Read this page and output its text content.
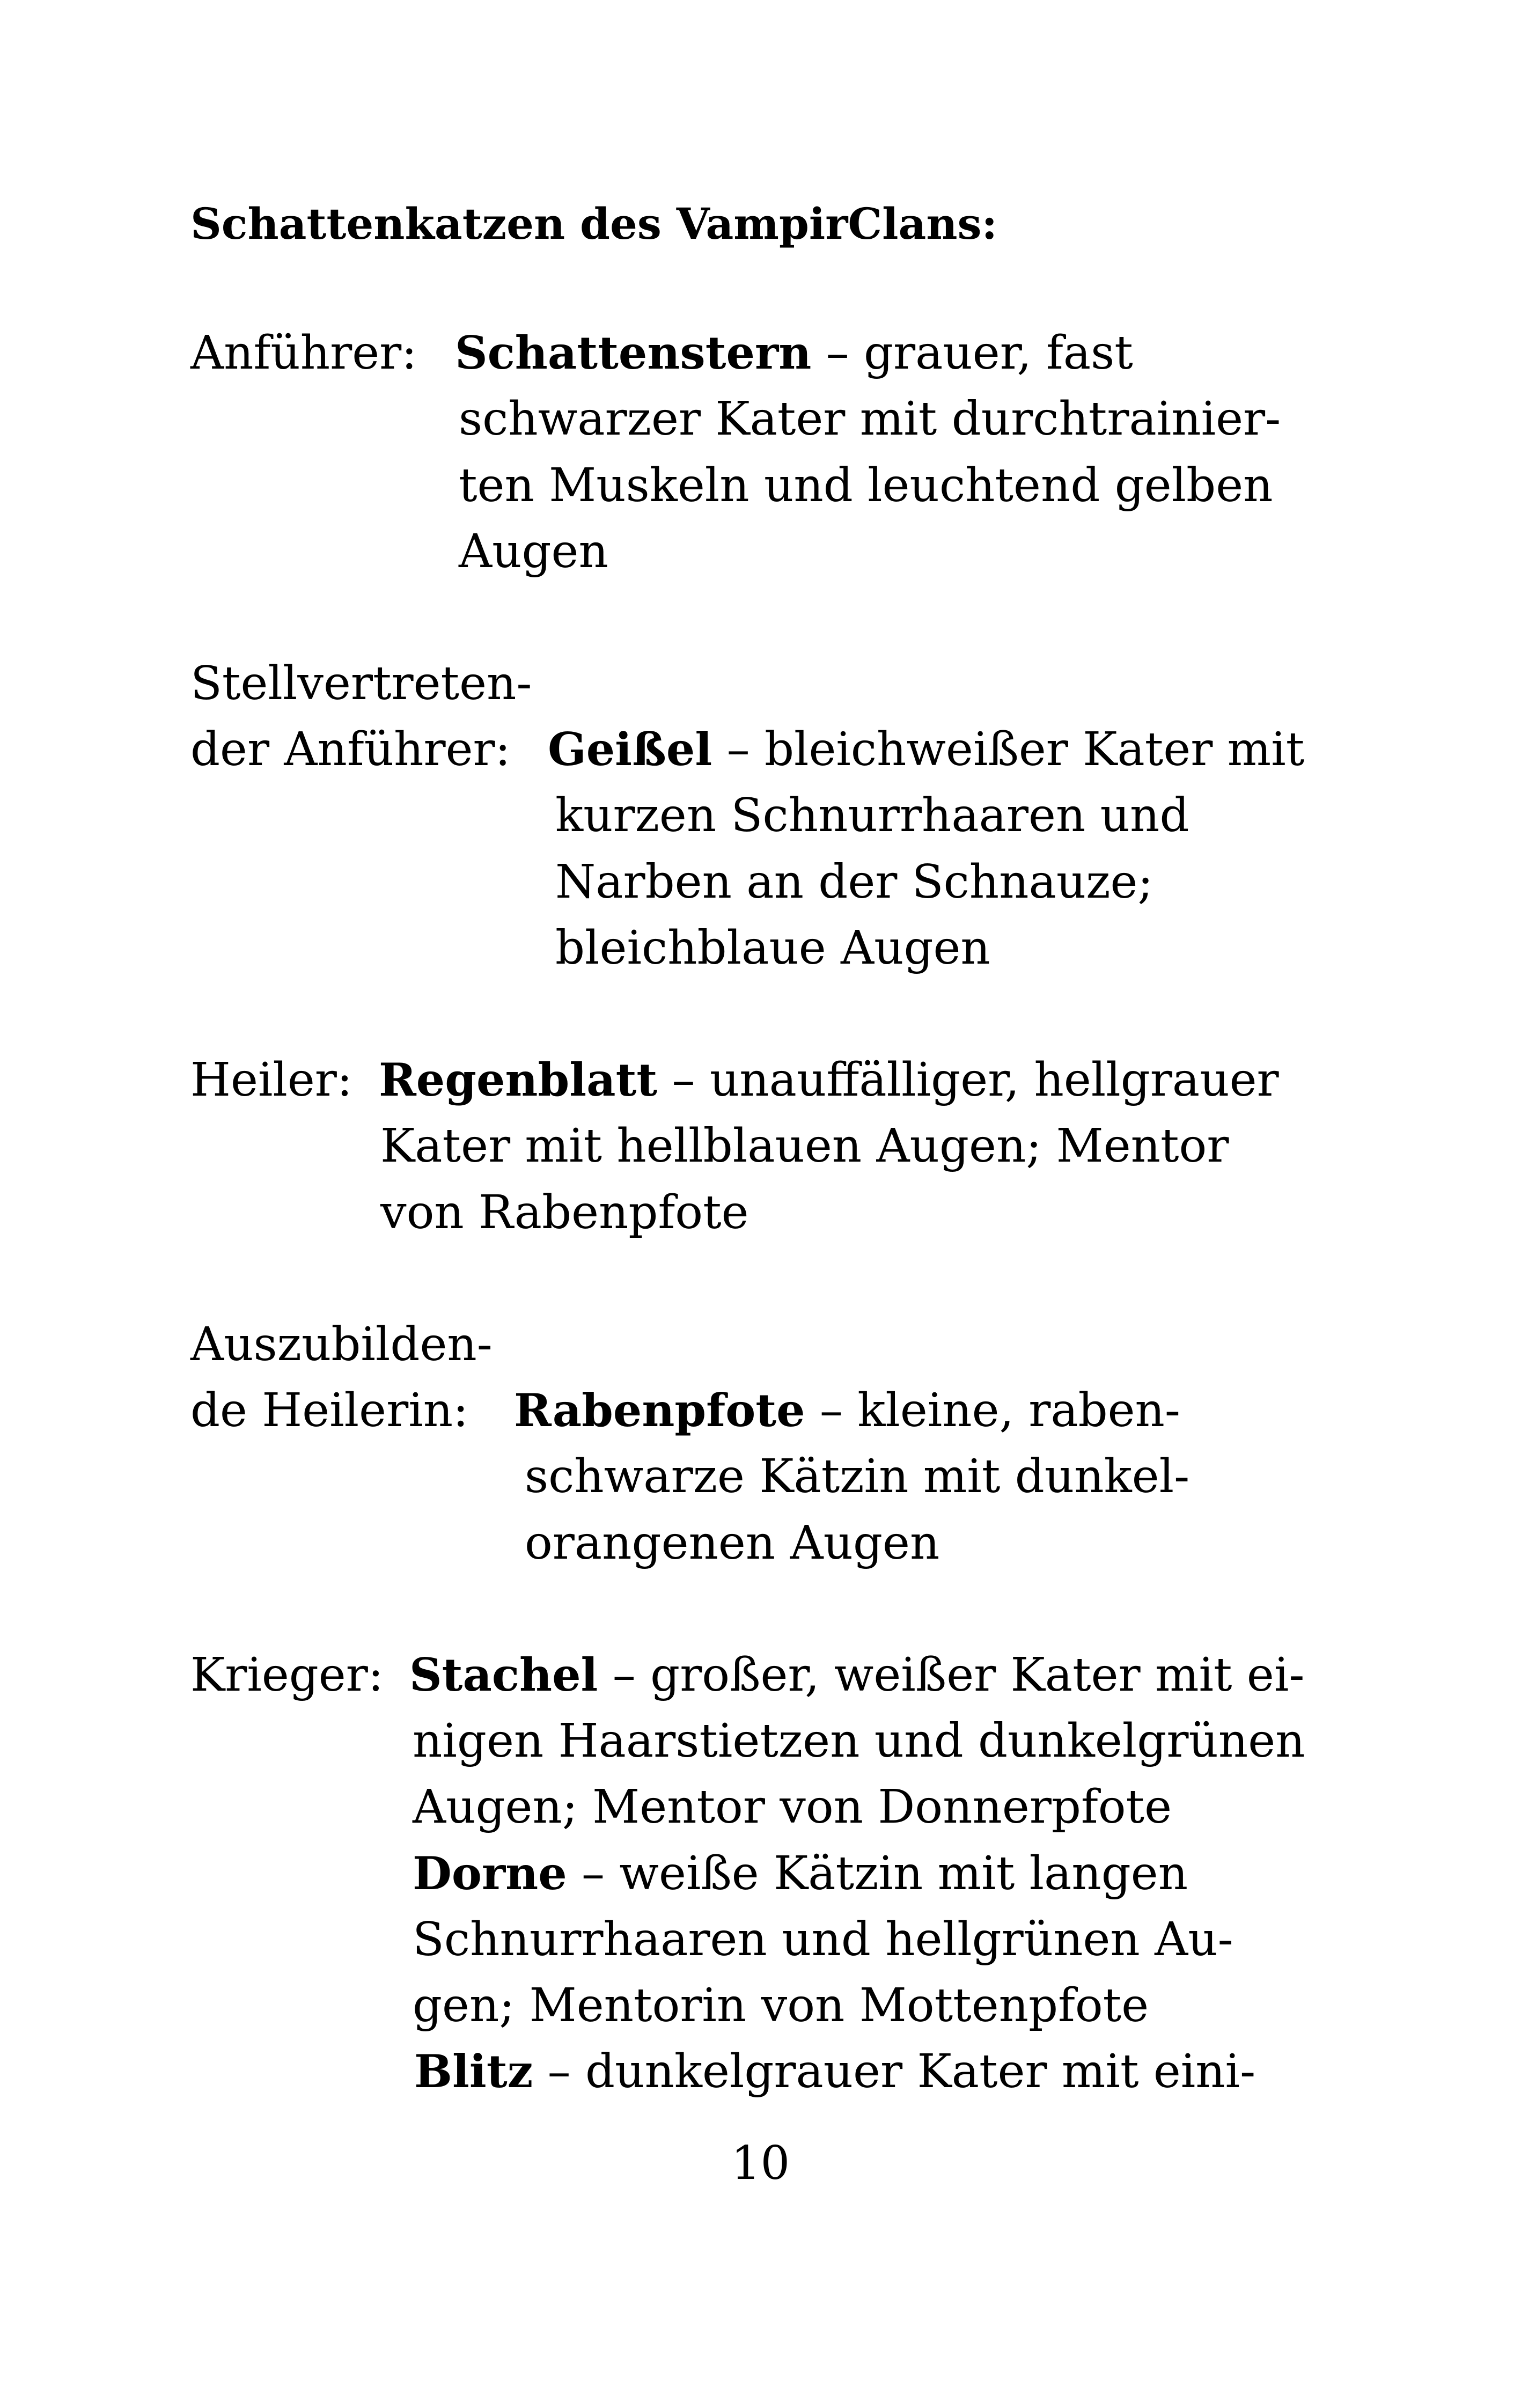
Schattenkatzen des VampirClans:
Anführer: Schattenstern – grauer, fast
schwarzer Kater mit durchtrainier-
ten Muskeln und leuchtend gelben
Augen
Stellvertreten-
der Anführer: Geißel – bleichweißer Kater mit
kurzen Schnurrhaaren und
Narben an der Schnauze;
bleichblaue Augen
Heiler: Regenblatt – unauffälliger, hellgrauer
Kater mit hellblauen Augen; Mentor
von Rabenpfote
Auszubilden-
de Heilerin: Rabenpfote – kleine, raben-
schwarze Kätzin mit dunkel-
orangenen Augen
Krieger: Stachel – großer, weißer Kater mit ei-
nigen Haarstietzen und dunkelgrünen
Augen; Mentor von Donnerpfote
Dorne – weiße Kätzin mit langen
Schnurrhaaren und hellgrünen Au-
gen; Mentorin von Mottenpfote
Blitz – dunkelgrauer Kater mit eini-
10
